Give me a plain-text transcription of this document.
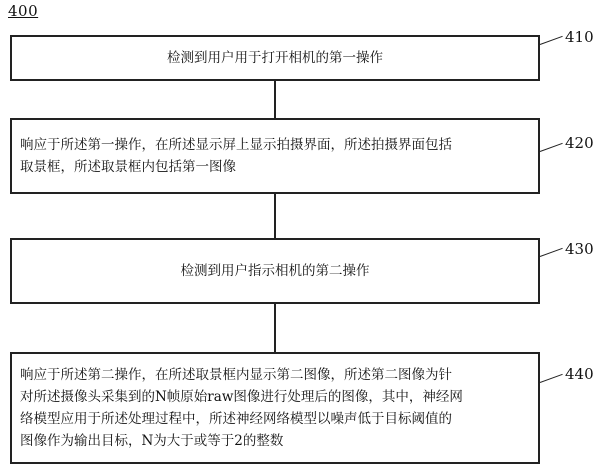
400
检测到用户用于打开相机的第一操作
410
响应于所述第一操作，在所述显示屏上显示拍摄界面，所述拍摄界面包括
取景框，所述取景框内包括第一图像
420
检测到用户指示相机的第二操作
430
响应于所述第二操作，在所述取景框内显示第二图像，所述第二图像为针
对所述摄像头采集到的N帧原始raw图像进行处理后的图像，其中，神经网
络模型应用于所述处理过程中，所述神经网络模型以噪声低于目标阈值的
图像作为输出目标，N为大于或等于2的整数
440
